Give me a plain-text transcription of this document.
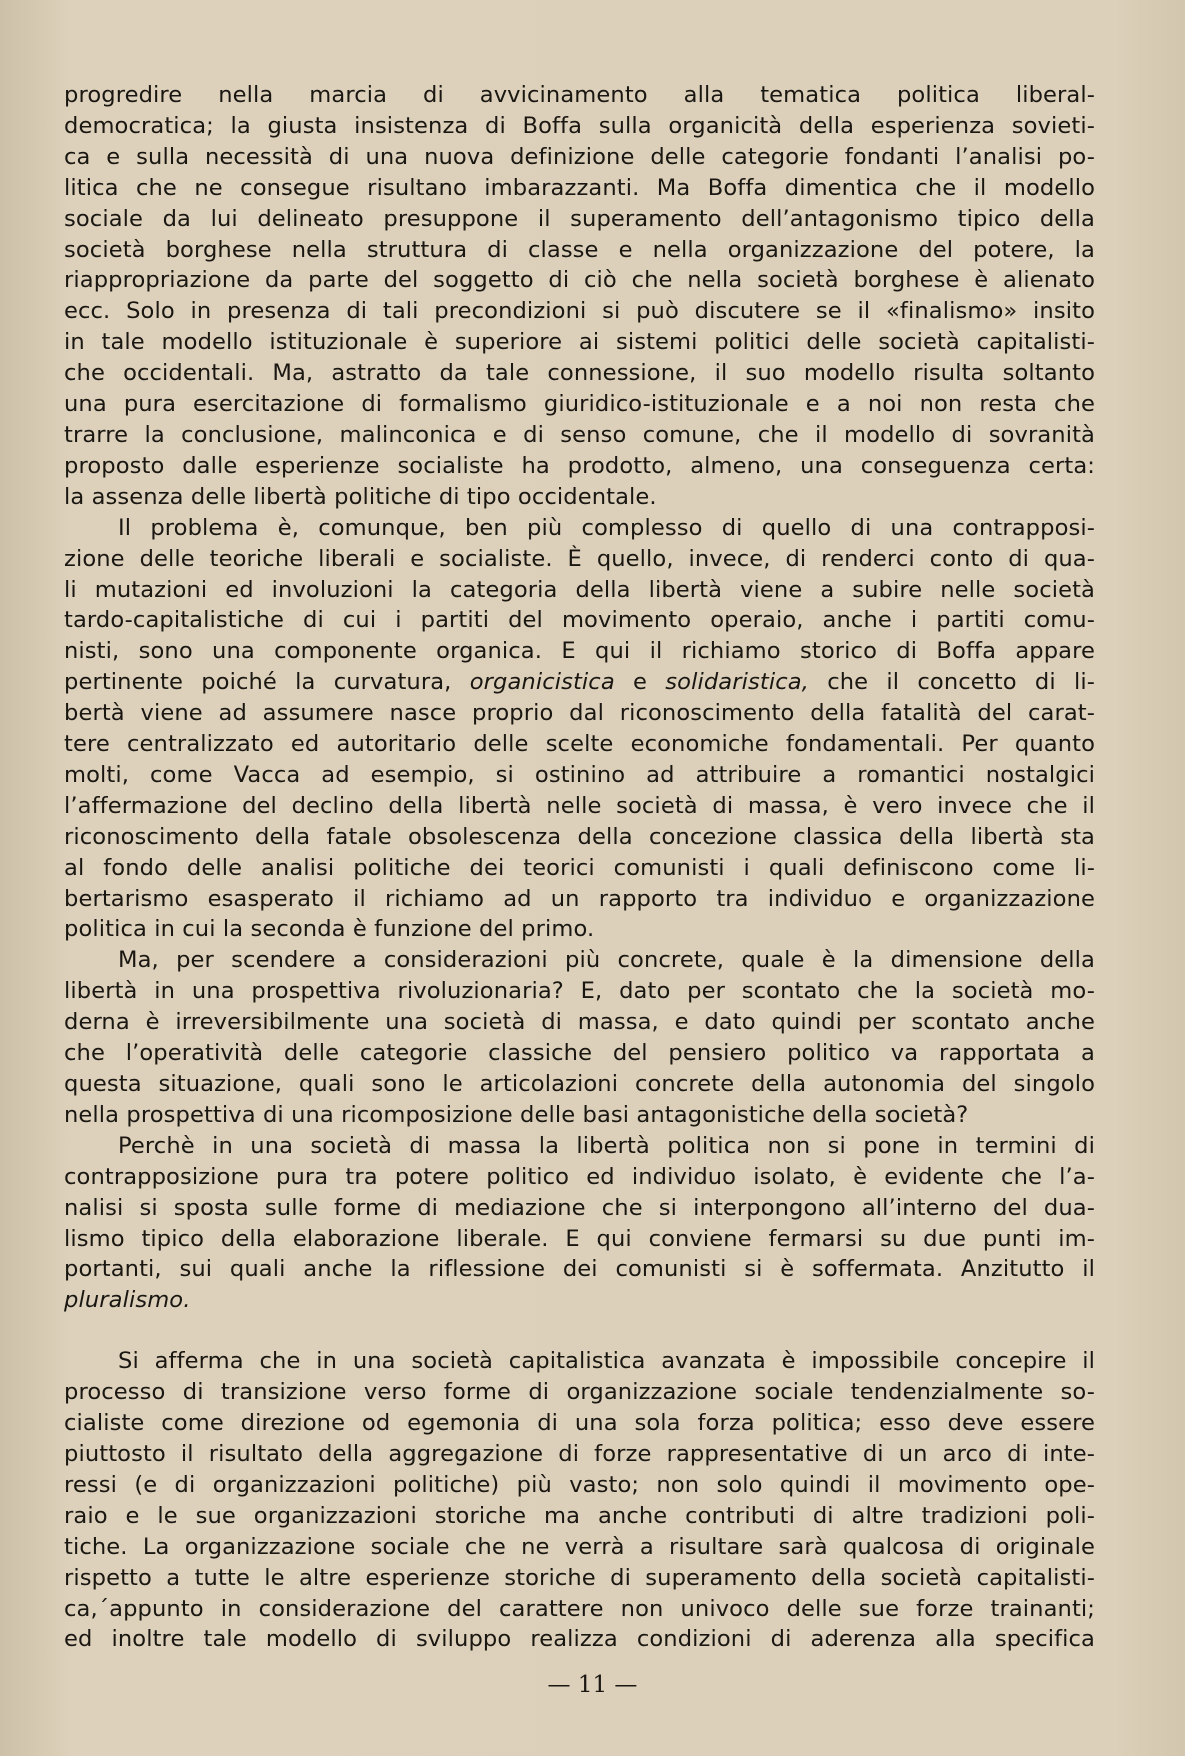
progredire nella marcia di avvicinamento alla tematica politica liberal-
democratica; la giusta insistenza di Boffa sulla organicità della esperienza sovieti-
ca e sulla necessità di una nuova definizione delle categorie fondanti l’analisi po-
litica che ne consegue risultano imbarazzanti. Ma Boffa dimentica che il modello
sociale da lui delineato presuppone il superamento dell’antagonismo tipico della
società borghese nella struttura di classe e nella organizzazione del potere, la
riappropriazione da parte del soggetto di ciò che nella società borghese è alienato
ecc. Solo in presenza di tali precondizioni si può discutere se il «finalismo» insito
in tale modello istituzionale è superiore ai sistemi politici delle società capitalisti-
che occidentali. Ma, astratto da tale connessione, il suo modello risulta soltanto
una pura esercitazione di formalismo giuridico-istituzionale e a noi non resta che
trarre la conclusione, malinconica e di senso comune, che il modello di sovranità
proposto dalle esperienze socialiste ha prodotto, almeno, una conseguenza certa:
la assenza delle libertà politiche di tipo occidentale.

Il problema è, comunque, ben più complesso di quello di una contrapposi-
zione delle teoriche liberali e socialiste. È quello, invece, di renderci conto di qua-
li mutazioni ed involuzioni la categoria della libertà viene a subire nelle società
tardo-capitalistiche di cui i partiti del movimento operaio, anche i partiti comu-
nisti, sono una componente organica. E qui il richiamo storico di Boffa appare
pertinente poiché la curvatura, organicistica e solidaristica, che il concetto di li-
bertà viene ad assumere nasce proprio dal riconoscimento della fatalità del carat-
tere centralizzato ed autoritario delle scelte economiche fondamentali. Per quanto
molti, come Vacca ad esempio, si ostinino ad attribuire a romantici nostalgici
l’affermazione del declino della libertà nelle società di massa, è vero invece che il
riconoscimento della fatale obsolescenza della concezione classica della libertà sta
al fondo delle analisi politiche dei teorici comunisti i quali definiscono come li-
bertarismo esasperato il richiamo ad un rapporto tra individuo e organizzazione
politica in cui la seconda è funzione del primo.

Ma, per scendere a considerazioni più concrete, quale è la dimensione della
libertà in una prospettiva rivoluzionaria? E, dato per scontato che la società mo-
derna è irreversibilmente una società di massa, e dato quindi per scontato anche
che l’operatività delle categorie classiche del pensiero politico va rapportata a
questa situazione, quali sono le articolazioni concrete della autonomia del singolo
nella prospettiva di una ricomposizione delle basi antagonistiche della società?

Perchè in una società di massa la libertà politica non si pone in termini di
contrapposizione pura tra potere politico ed individuo isolato, è evidente che l’a-
nalisi si sposta sulle forme di mediazione che si interpongono all’interno del dua-
lismo tipico della elaborazione liberale. E qui conviene fermarsi su due punti im-
portanti, sui quali anche la riflessione dei comunisti si è soffermata. Anzitutto il
pluralismo.

Si afferma che in una società capitalistica avanzata è impossibile concepire il
processo di transizione verso forme di organizzazione sociale tendenzialmente so-
cialiste come direzione od egemonia di una sola forza politica; esso deve essere
piuttosto il risultato della aggregazione di forze rappresentative di un arco di inte-
ressi (e di organizzazioni politiche) più vasto; non solo quindi il movimento ope-
raio e le sue organizzazioni storiche ma anche contributi di altre tradizioni poli-
tiche. La organizzazione sociale che ne verrà a risultare sarà qualcosa di originale
rispetto a tutte le altre esperienze storiche di superamento della società capitalisti-
ca,´appunto in considerazione del carattere non univoco delle sue forze trainanti;
ed inoltre tale modello di sviluppo realizza condizioni di aderenza alla specifica

— 11 —
